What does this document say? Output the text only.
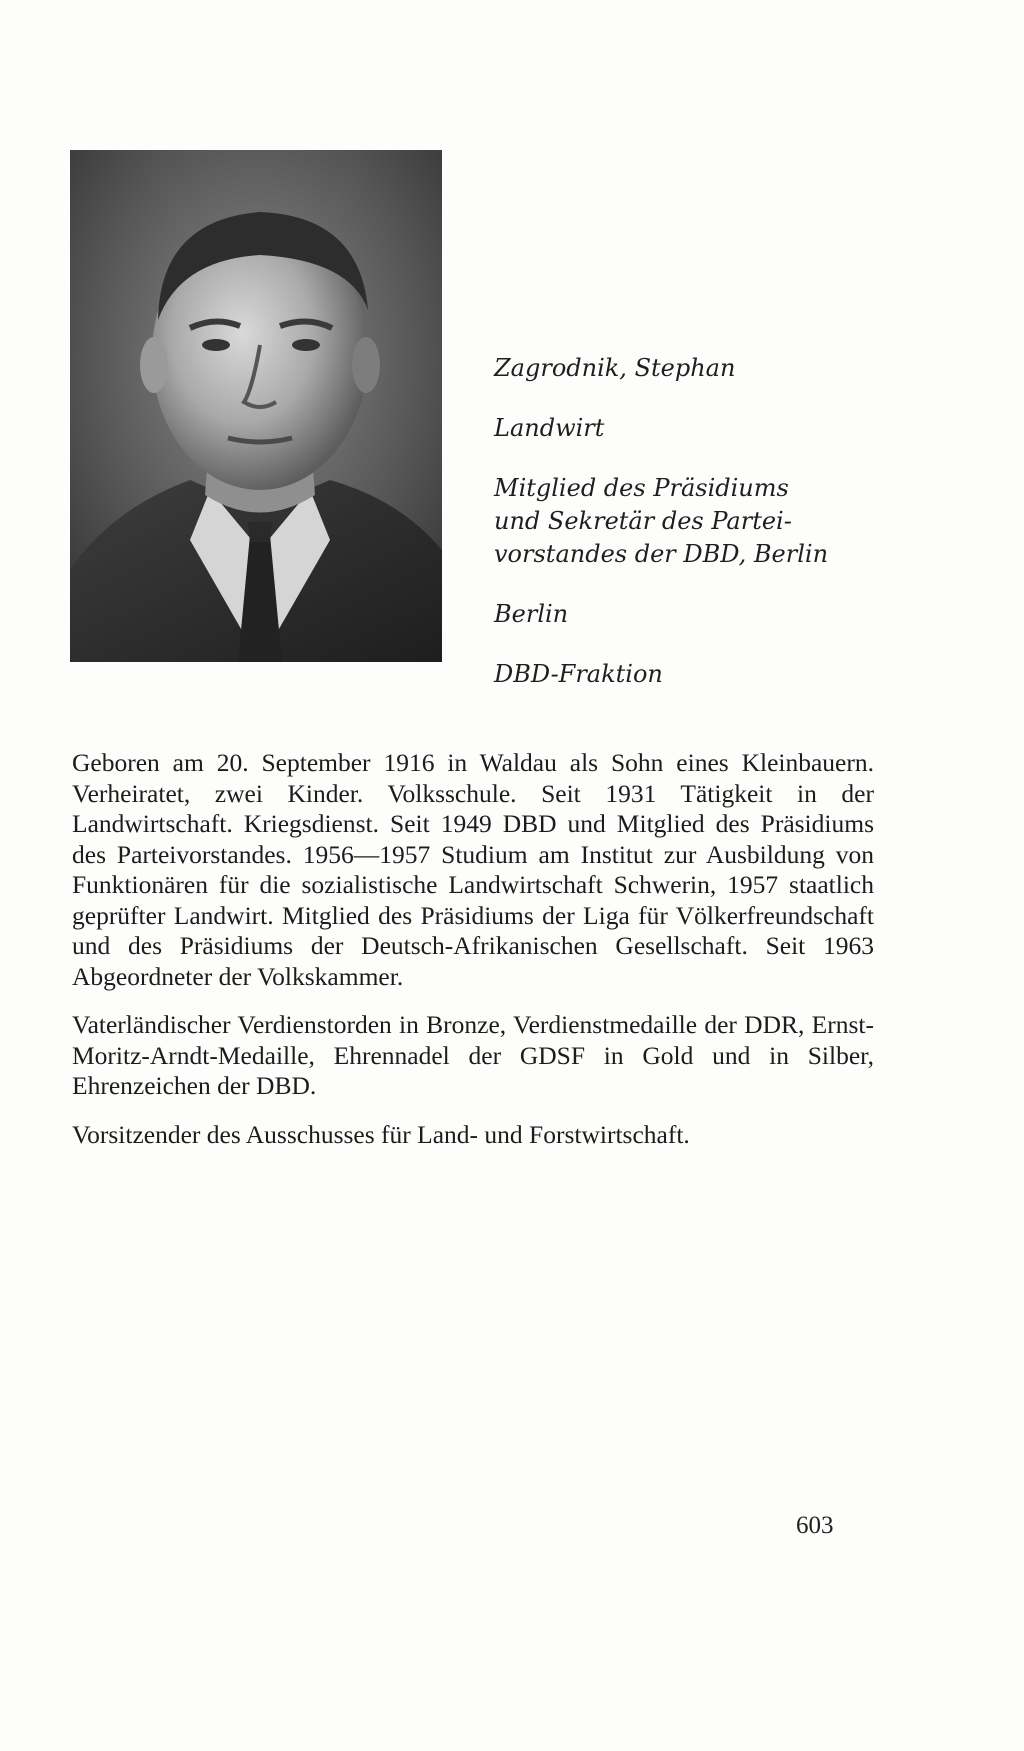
Zagrodnik, Stephan
Landwirt
Mitglied des Präsidiums
und Sekretär des Partei-
vorstandes der DBD, Berlin
Berlin
DBD-Fraktion

Geboren am 20. September 1916 in Waldau als Sohn eines Kleinbauern. Verheiratet, zwei Kinder. Volksschule. Seit 1931 Tätigkeit in der Landwirtschaft. Kriegsdienst. Seit 1949 DBD und Mitglied des Präsidiums des Parteivorstandes. 1956—1957 Studium am Institut zur Ausbildung von Funktionären für die sozialistische Landwirtschaft Schwerin, 1957 staatlich geprüfter Landwirt. Mitglied des Präsidiums der Liga für Völkerfreundschaft und des Präsidiums der Deutsch-Afrikanischen Gesellschaft. Seit 1963 Abgeordneter der Volkskammer.

Vaterländischer Verdienstorden in Bronze, Verdienstmedaille der DDR, Ernst-Moritz-Arndt-Medaille, Ehrennadel der GDSF in Gold und in Silber, Ehrenzeichen der DBD.

Vorsitzender des Ausschusses für Land- und Forstwirtschaft.

603
